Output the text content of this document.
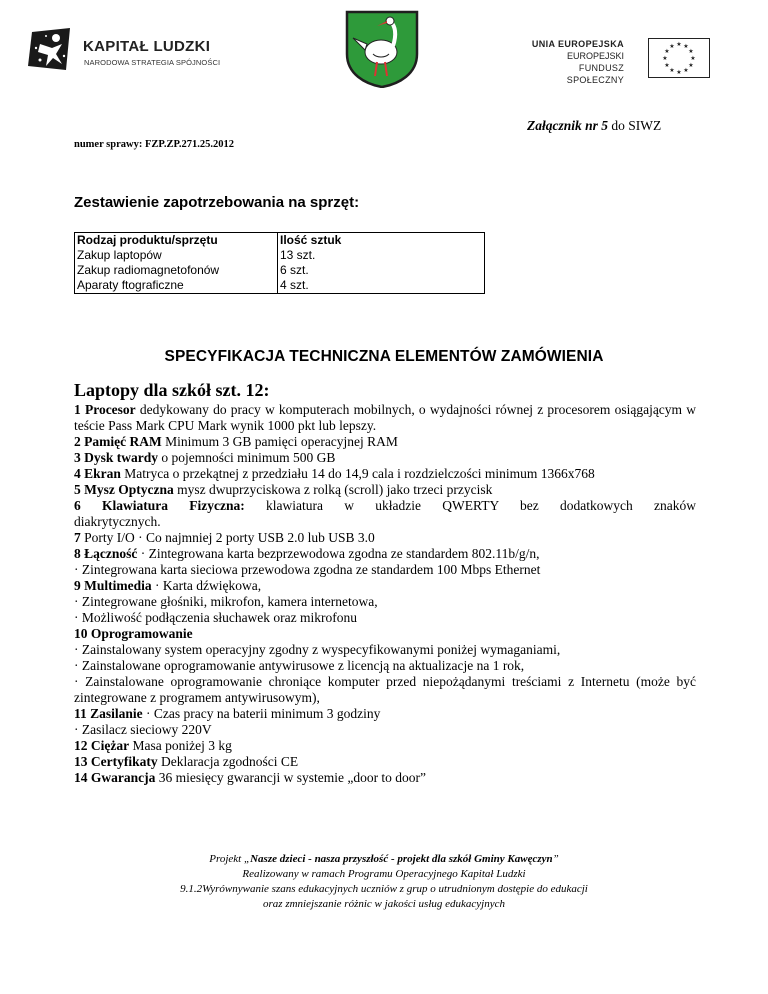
KAPITAŁ LUDZKI
NARODOWA STRATEGIA SPÓJNOŚCI
UNIA EUROPEJSKA
EUROPEJSKI
FUNDUSZ SPOŁECZNY
★ ★
★
★
★
★
★
★
★
★
★
★
Załącznik nr 5 do SIWZ
numer sprawy: FZP.ZP.271.25.2012
Zestawienie zapotrzebowania na sprzęt:
Rodzaj produktu/sprzętu	Ilość sztuk
Zakup laptopów	13 szt.
Zakup radiomagnetofonów	6 szt.
Aparaty ftograficzne	4 szt.
SPECYFIKACJA TECHNICZNA ELEMENTÓW ZAMÓWIENIA
Laptopy dla szkół szt. 12:

1 Procesor dedykowany do pracy w komputerach mobilnych, o wydajności równej z procesorem osiągającym w teście Pass Mark CPU Mark wynik 1000 pkt lub lepszy.

2 Pamięć RAM Minimum 3 GB pamięci operacyjnej RAM

3 Dysk twardy o pojemności minimum 500 GB

4 Ekran Matryca o przekątnej z przedziału 14 do 14,9 cala i rozdzielczości minimum 1366x768

5 Mysz Optyczna mysz dwuprzyciskowa z rolką (scroll) jako trzeci przycisk

6 Klawiatura Fizyczna: klawiatura w układzie QWERTY bez dodatkowych znaków

diakrytycznych.

7 Porty I/O · Co najmniej 2 porty USB 2.0 lub USB 3.0

8 Łączność · Zintegrowana karta bezprzewodowa zgodna ze standardem 802.11b/g/n,

· Zintegrowana karta sieciowa przewodowa zgodna ze standardem 100 Mbps Ethernet

9 Multimedia · Karta dźwiękowa,

· Zintegrowane głośniki, mikrofon, kamera internetowa,

· Możliwość podłączenia słuchawek oraz mikrofonu

10 Oprogramowanie

· Zainstalowany system operacyjny zgodny z wyspecyfikowanymi poniżej wymaganiami,

· Zainstalowane oprogramowanie antywirusowe z licencją na aktualizacje na 1 rok,

· Zainstalowane oprogramowanie chroniące komputer przed niepożądanymi treściami z Internetu (może być zintegrowane z programem antywirusowym),

11 Zasilanie · Czas pracy na baterii minimum 3 godziny

· Zasilacz sieciowy 220V

12 Ciężar Masa poniżej 3 kg

13 Certyfikaty Deklaracja zgodności CE

14 Gwarancja 36 miesięcy gwarancji w systemie „door to door”

Projekt „Nasze dzieci - nasza przyszłość - projekt dla szkół Gminy Kawęczyn”
Realizowany w ramach Programu Operacyjnego Kapitał Ludzki
9.1.2Wyrównywanie szans edukacyjnych uczniów z grup o utrudnionym dostępie do edukacji
oraz zmniejszanie różnic w jakości usług edukacyjnych
